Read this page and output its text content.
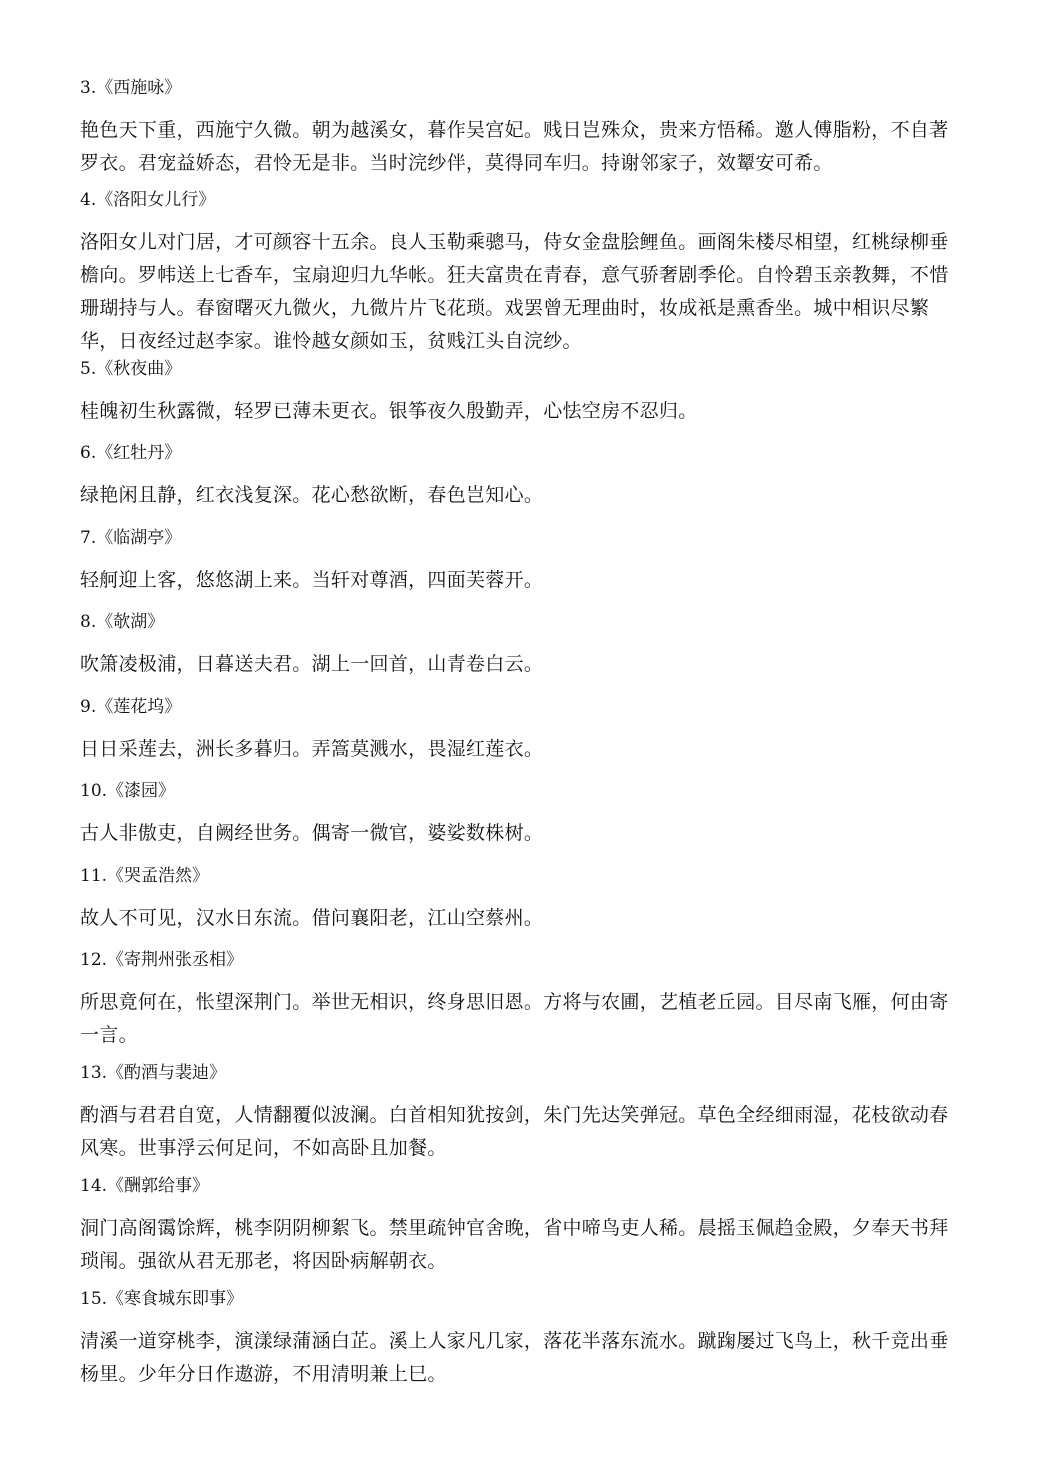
3.《西施咏》
艳色天下重，西施宁久微。朝为越溪女，暮作吴宫妃。贱日岂殊众，贵来方悟稀。邀人傅脂粉，不自著罗衣。君宠益娇态，君怜无是非。当时浣纱伴，莫得同车归。持谢邻家子，效颦安可希。
4.《洛阳女儿行》
洛阳女儿对门居，才可颜容十五余。良人玉勒乘骢马，侍女金盘脍鲤鱼。画阁朱楼尽相望，红桃绿柳垂檐向。罗帏送上七香车，宝扇迎归九华帐。狂夫富贵在青春，意气骄奢剧季伦。自怜碧玉亲教舞，不惜珊瑚持与人。春窗曙灭九微火，九微片片飞花琐。戏罢曾无理曲时，妆成祇是熏香坐。城中相识尽繁华，日夜经过赵李家。谁怜越女颜如玉，贫贱江头自浣纱。
5.《秋夜曲》
桂魄初生秋露微，轻罗已薄未更衣。银筝夜久殷勤弄，心怯空房不忍归。
6.《红牡丹》
绿艳闲且静，红衣浅复深。花心愁欲断，春色岂知心。
7.《临湖亭》
轻舸迎上客，悠悠湖上来。当轩对尊酒，四面芙蓉开。
8.《欹湖》
吹箫凌极浦，日暮送夫君。湖上一回首，山青卷白云。
9.《莲花坞》
日日采莲去，洲长多暮归。弄篙莫溅水，畏湿红莲衣。
10.《漆园》
古人非傲吏，自阙经世务。偶寄一微官，婆娑数株树。
11.《哭孟浩然》
故人不可见，汉水日东流。借问襄阳老，江山空蔡州。
12.《寄荆州张丞相》
所思竟何在，怅望深荆门。举世无相识，终身思旧恩。方将与农圃，艺植老丘园。目尽南飞雁，何由寄一言。
13.《酌酒与裴迪》
酌酒与君君自宽，人情翻覆似波澜。白首相知犹按剑，朱门先达笑弹冠。草色全经细雨湿，花枝欲动春风寒。世事浮云何足问，不如高卧且加餐。
14.《酬郭给事》
洞门高阁霭馀辉，桃李阴阴柳絮飞。禁里疏钟官舍晚，省中啼鸟吏人稀。晨摇玉佩趋金殿，夕奉天书拜琐闱。强欲从君无那老，将因卧病解朝衣。
15.《寒食城东即事》
清溪一道穿桃李，演漾绿蒲涵白芷。溪上人家凡几家，落花半落东流水。蹴踘屡过飞鸟上，秋千竞出垂杨里。少年分日作遨游，不用清明兼上巳。
